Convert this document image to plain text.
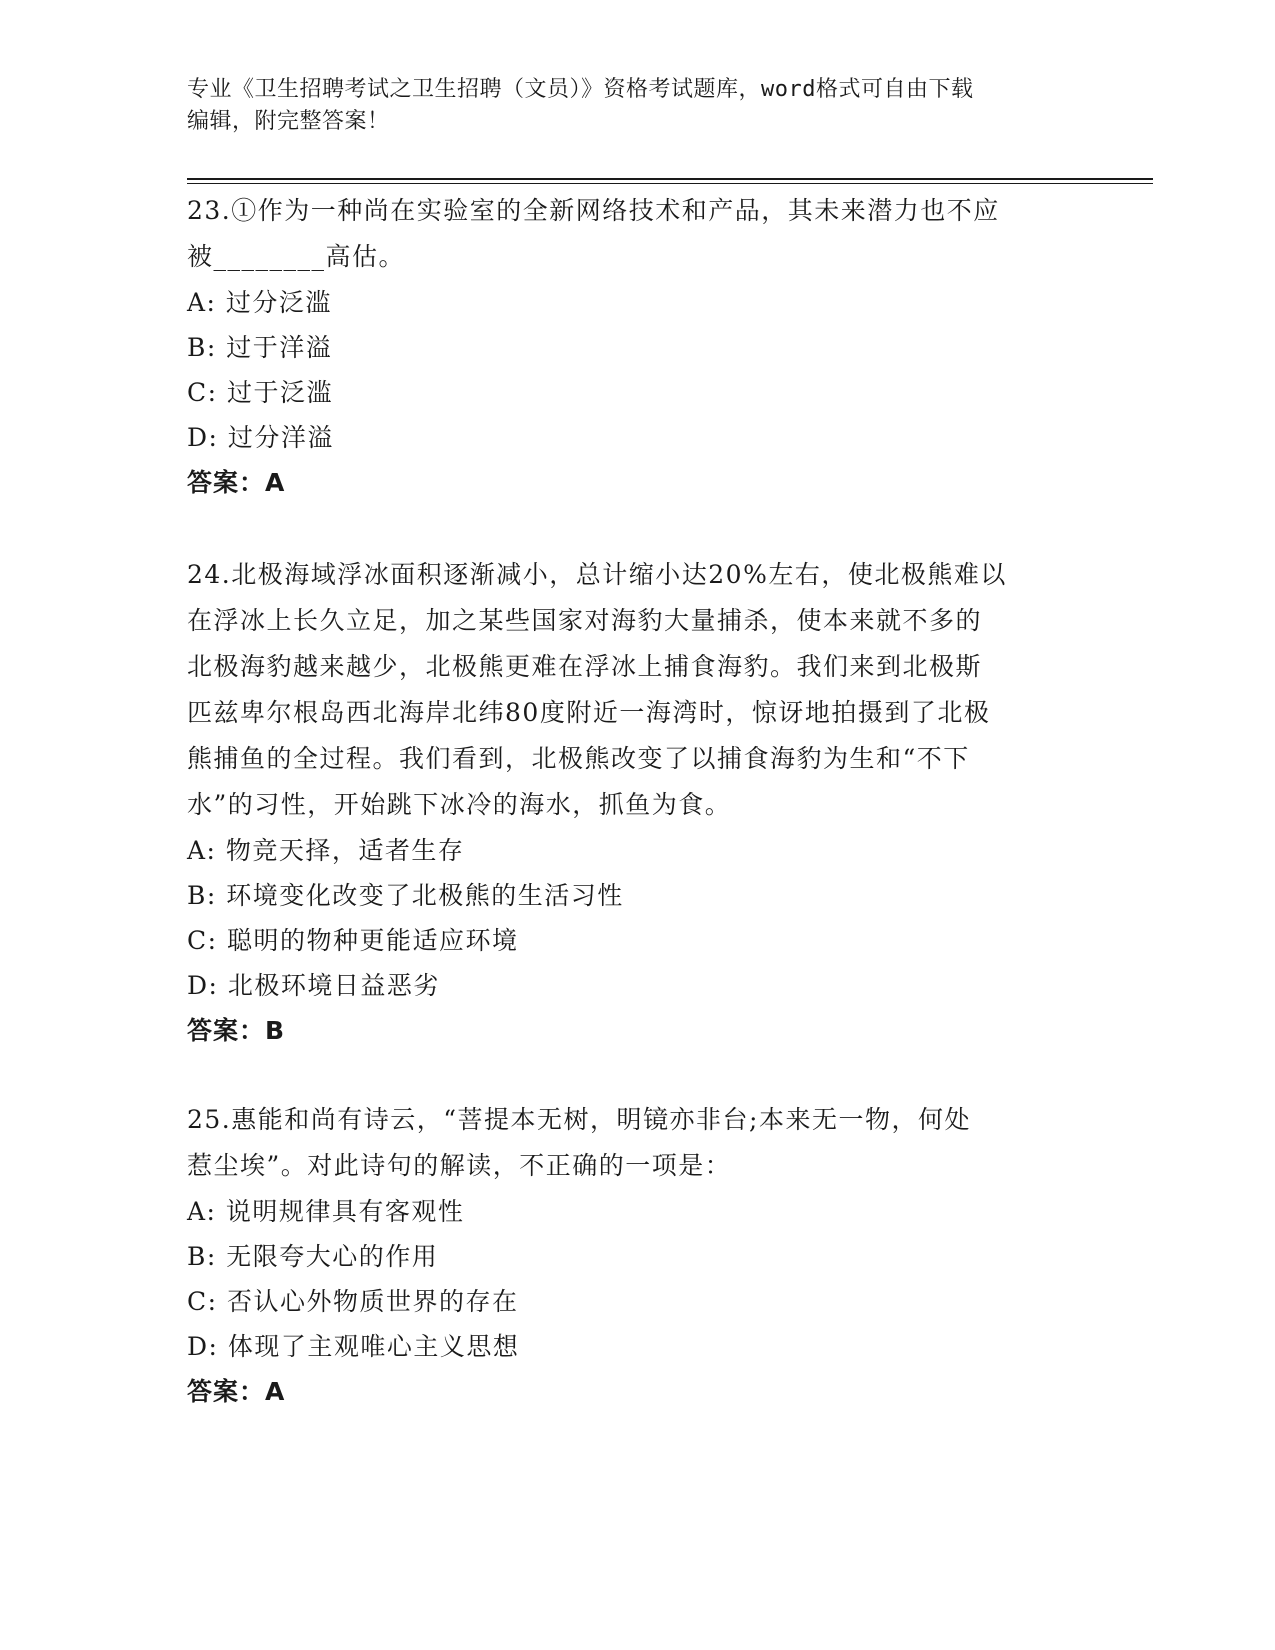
专业《卫生招聘考试之卫生招聘（文员）》资格考试题库，word格式可自由下载
编辑，附完整答案！
23.①作为一种尚在实验室的全新网络技术和产品，其未来潜力也不应
被________高估。
A: 过分泛滥
B: 过于洋溢
C: 过于泛滥
D: 过分洋溢
答案：A
24.北极海域浮冰面积逐渐减小，总计缩小达20%左右，使北极熊难以
在浮冰上长久立足，加之某些国家对海豹大量捕杀，使本来就不多的
北极海豹越来越少，北极熊更难在浮冰上捕食海豹。我们来到北极斯
匹兹卑尔根岛西北海岸北纬80度附近一海湾时，惊讶地拍摄到了北极
熊捕鱼的全过程。我们看到，北极熊改变了以捕食海豹为生和“不下
水”的习性，开始跳下冰冷的海水，抓鱼为食。
A: 物竞天择，适者生存
B: 环境变化改变了北极熊的生活习性
C: 聪明的物种更能适应环境
D: 北极环境日益恶劣
答案：B
25.惠能和尚有诗云，“菩提本无树，明镜亦非台;本来无一物，何处
惹尘埃”。对此诗句的解读，不正确的一项是：
A: 说明规律具有客观性
B: 无限夸大心的作用
C: 否认心外物质世界的存在
D: 体现了主观唯心主义思想
答案：A
